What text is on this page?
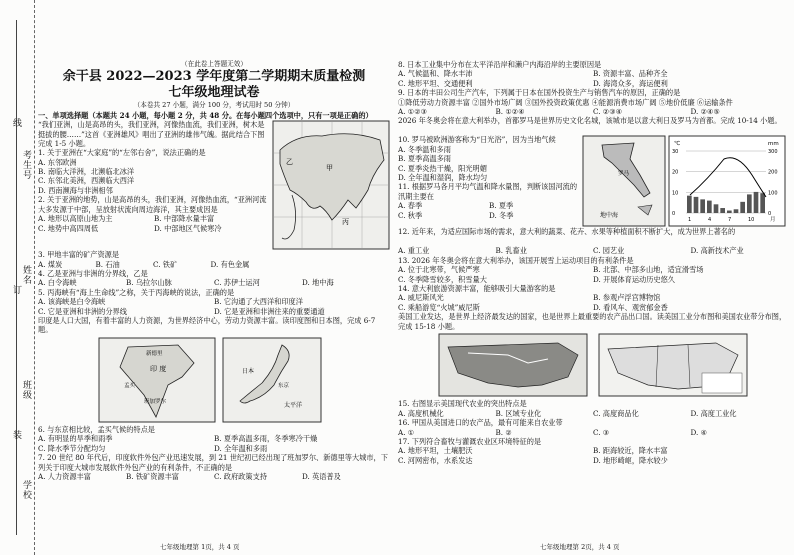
线
订
装
考生号
姓名
班级
学校
（在此卷上答题无效）
余干县 2022—2023 学年度第二学期期末质量检测
七年级地理试卷
（本卷共 27 小题，满分 100 分，考试用时 50 分钟）
一、单项选择题（本题共 24 小题，每小题 2 分，共 48 分。在每小题四个选项中，只有一项是正确的）
“我们亚洲，山是高昂的头，我们亚洲，河像热血流，我们亚洲，树木是挺拔的腰……”这首《亚洲雄风》唱出了亚洲的雄伟气魄。据此结合下图完成 1-5 小题。
1. 关于亚洲在“大家庭”的“左邻右舍”，说法正确的是
A. 东邻欧洲
B. 南临大洋洲，北濒临北冰洋
C. 东邻北美洲，西濒临大西洋
D. 西南濒海与非洲相邻
2. 关于亚洲的地势，山是高昂的头，我们亚洲，河像热血流，“亚洲河流大多发源于中部，呈放射状流向周边海洋，其主要成因是
A. 地形以高原山地为主	B. 中部降水量丰富
C. 地势中高四周低	D. 中部地区气候寒冷
甲
乙
丙
3. 甲地丰富的矿产资源是
A. 煤炭	B. 石油	C. 铁矿	D. 有色金属
4. 乙是亚洲与非洲的分界线，乙是
A. 白令海峡	B. 乌拉尔山脉	C. 苏伊士运河	D. 地中海
5. 丙海峡有“海上生命线”之称，关于丙海峡的说法，正确的是
A. 该海峡是白令海峡	B. 它沟通了大西洋和印度洋
C. 它是亚洲和非洲的分界线	D. 它是亚洲和非洲往来的重要通道
印度是人口大国，有着丰富的人力资源，为世界经济中心，劳动力资源丰富。读印度图和日本图，完成 6-7 题。
印 度
孟买
班加罗尔
新德里
日本
太平洋
东京
6. 与东京相比较，孟买气候的特点是
A. 有明显的旱季和雨季	B. 夏季高温多雨，冬季寒冷干燥
C. 降水季节分配均匀	D. 全年温和多雨
7. 20 世纪 80 年代后，印度软件外包产业迅速发展，到 21 世纪初已经出现了班加罗尔、新德里等大城市，下列关于印度大城市发展软件外包产业的有利条件，不正确的是
A. 人力资源丰富	B. 铁矿资源丰富	C. 政府政策支持	D. 英语普及
七年级地理第 1页，共 4 页
8. 日本工业集中分布在太平洋沿岸和濑户内海沿岸的主要原因是
A. 气候温和、降水丰沛	B. 资源丰富、品种齐全
C. 地形平坦、交通便利	D. 海湾众多，海运便利
9. 日本的丰田公司生产汽车，下列属于日本在国外投资生产与销售汽车的原因，正确的是
①降低劳动力资源丰富 ②国外市场广阔 ③国外投资政策优惠 ④能源消费市场广阔 ⑤地价低廉 ⑥运输条件
A. ①②③	B. ①②④	C. ②③④	D. ②④⑤
2026 年冬奥会将在意大利举办，首都罗马是世界历史文化名城，该城市是以意大利日及罗马为首都。完成 10-14 小题。
10. 罗马被欧洲游客称为“日光浴”，因为当地气候
A. 冬季温和多雨
B. 夏季高温多雨
C. 夏季炎热干燥，阳光明媚
D. 全年温和湿润，降水均匀
11. 根据罗马各月平均气温和降水量图，判断该国河流的汛期主要在
A. 春季	B. 夏季
C. 秋季	D. 冬季	地中海
罗马
℃	mm
月
30	300
20	200
10	100
0	0
1	4	7	10
12. 近年来，为适应国际市场的需求，意大利的蔬菜、花卉、水果等种植面积不断扩大，成为世界上著名的
A. 重工业	B. 乳畜业	C. 园艺业	D. 高新技术产业
13. 2026 年冬奥会将在意大利举办，该国开展雪上运动项目的有利条件是
A. 位于北寒带，气候严寒	B. 北部、中部多山地，适宜滑雪场
C. 冬季降雪较多，积雪量大	D. 开展体育运动历史悠久
14. 意大利旅游资源丰富，能够吸引大量游客的是
A. 威尼斯风光	B. 参观卢浮宫博物馆
C. 乘船游览“火城”威尼斯	D. 看风车、观赏郁金香
美国工业发达，是世界上经济最发达的国家，也是世界上最重要的农产品出口国。读美国工业分布图和美国农业带分布图，完成 15-18 小题。
15. 右图显示美国现代农业的突出特点是
A. 高度机械化	B. 区域专业化	C. 高度商品化	D. 高度工业化
16. 甲国从美国进口的农产品，最有可能来自农业带
A. ①	B. ②	C. ③	D. ④
17. 下列符合畜牧与灌溉农业区环境特征的是
A. 地形平坦，土壤肥沃	B. 距海较近，降水丰富
C. 河网密布，水系发达	D. 地形崎岖，降水较少
七年级地理第 2页，共 4 页
